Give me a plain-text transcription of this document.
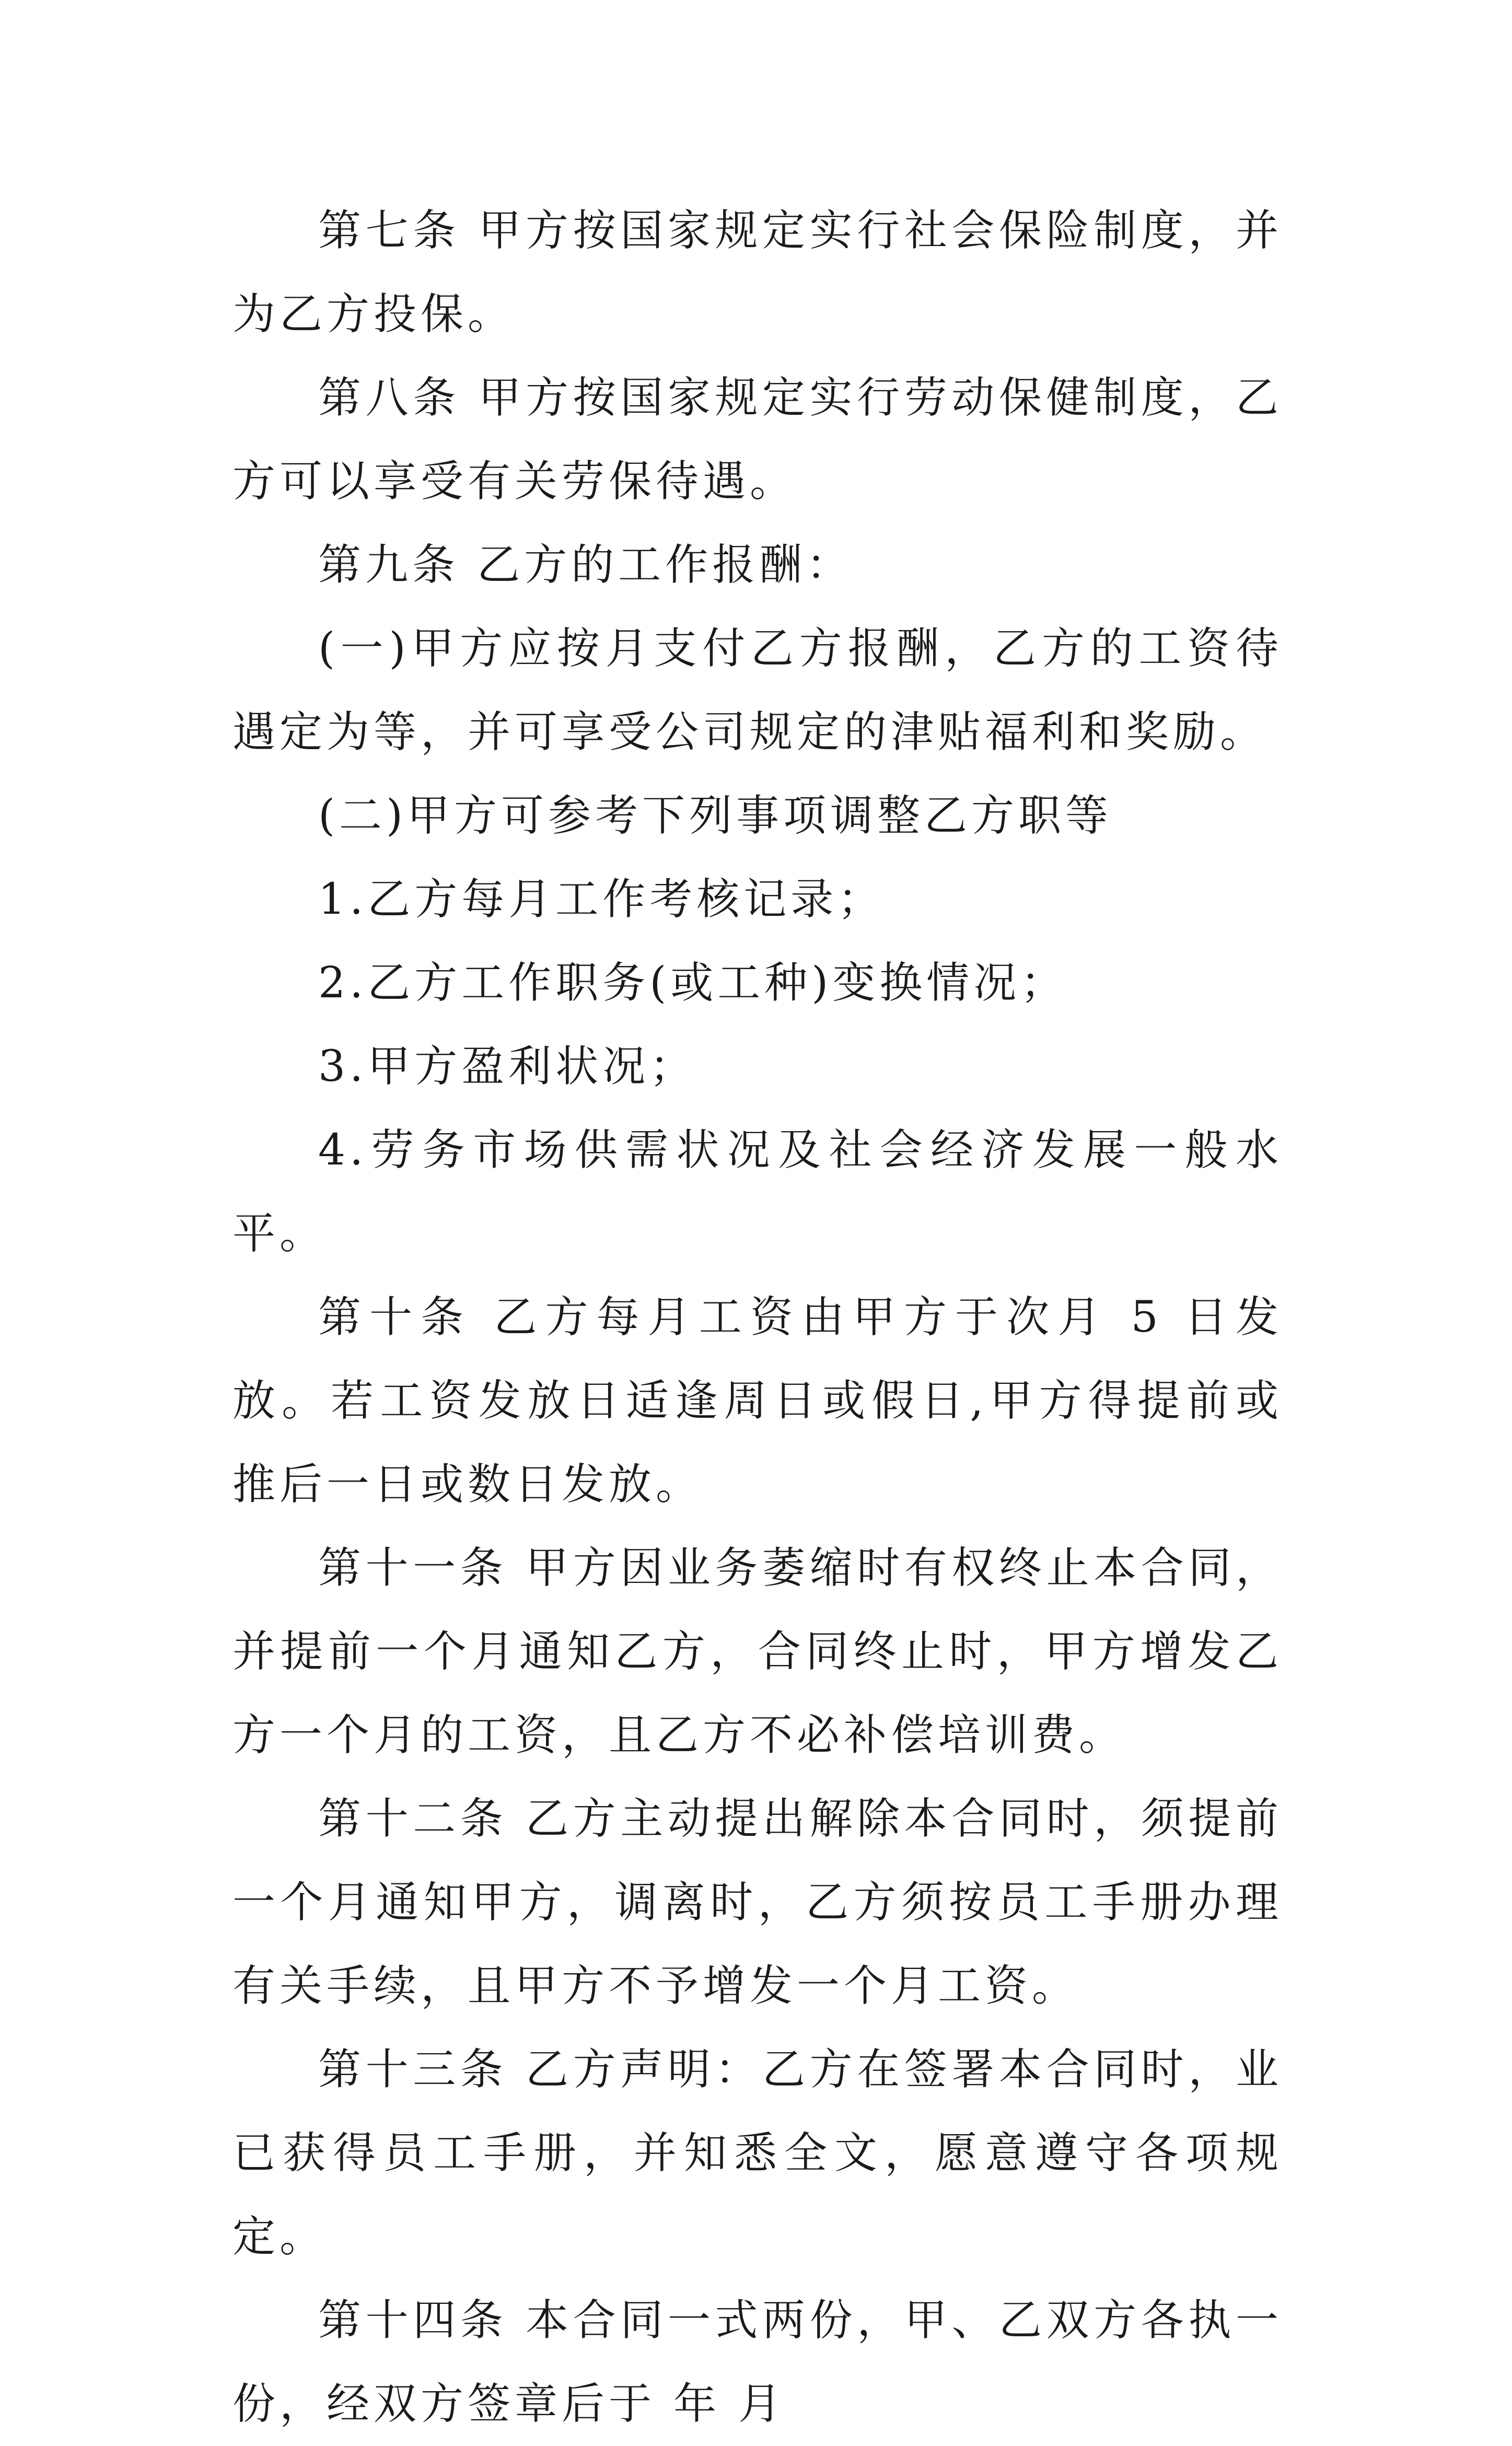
第七条 甲方按国家规定实行社会保险制度，并为乙方投保。

第八条 甲方按国家规定实行劳动保健制度，乙方可以享受有关劳保待遇。

第九条 乙方的工作报酬：

(一)甲方应按月支付乙方报酬，乙方的工资待遇定为等，并可享受公司规定的津贴福利和奖励。

(二)甲方可参考下列事项调整乙方职等

1.乙方每月工作考核记录；

2.乙方工作职务(或工种)变换情况；

3.甲方盈利状况；

4.劳务市场供需状况及社会经济发展一般水平。

第十条 乙方每月工资由甲方于次月 5 日发放。若工资发放日适逢周日或假日,甲方得提前或推后一日或数日发放。

第十一条 甲方因业务萎缩时有权终止本合同，并提前一个月通知乙方，合同终止时，甲方增发乙方一个月的工资，且乙方不必补偿培训费。

第十二条 乙方主动提出解除本合同时，须提前一个月通知甲方，调离时，乙方须按员工手册办理有关手续，且甲方不予增发一个月工资。

第十三条 乙方声明：乙方在签署本合同时，业已获得员工手册，并知悉全文，愿意遵守各项规定。

第十四条 本合同一式两份，甲、乙双方各执一份，经双方签章后于 年 月
